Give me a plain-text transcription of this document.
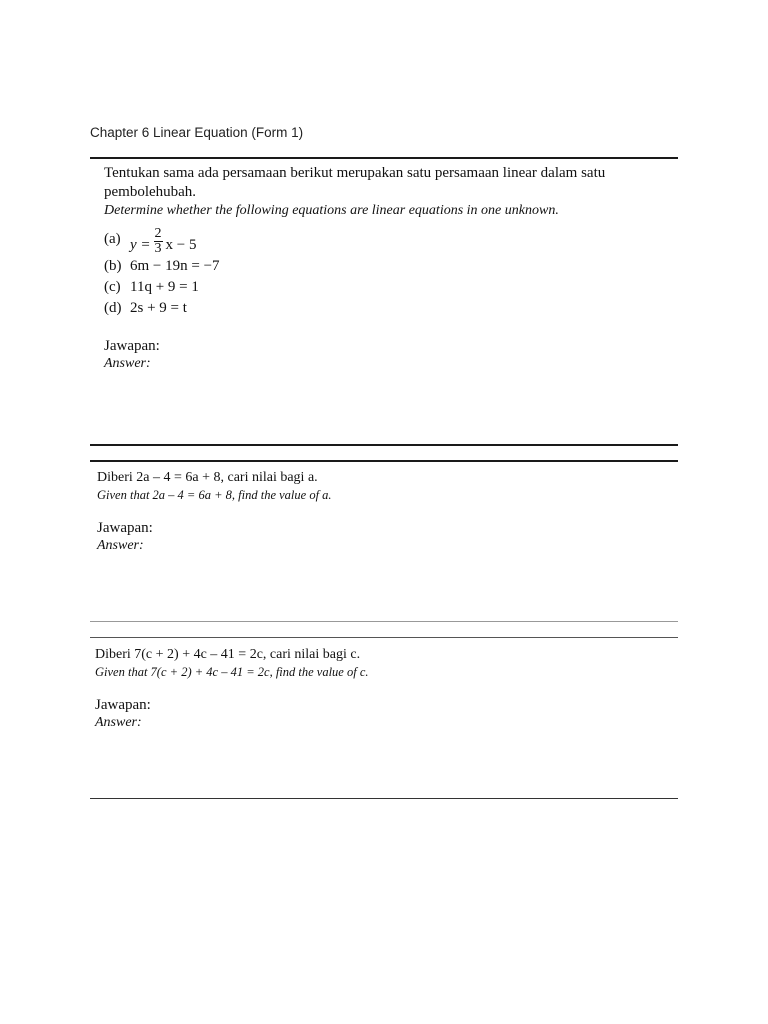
Chapter 6 Linear Equation (Form 1)
Tentukan sama ada persamaan berikut merupakan satu persamaan linear dalam satu
pembolehubah.
Determine whether the following equations are linear equations in one unknown.
(a) $y = \frac{2}{3}$ x − 5
(b) 6m − 19n = −7
(c) 11q + 9 = 1
(d) 2s + 9 = t
Jawapan:
Answer:
Diberi 2a – 4 = 6a + 8, cari nilai bagi a.
Given that 2a – 4 = 6a + 8, find the value of a.
Jawapan:
Answer:
Diberi 7(c + 2) + 4c – 41 = 2c, cari nilai bagi c.
Given that 7(c + 2) + 4c – 41 = 2c, find the value of c.
Jawapan:
Answer:
